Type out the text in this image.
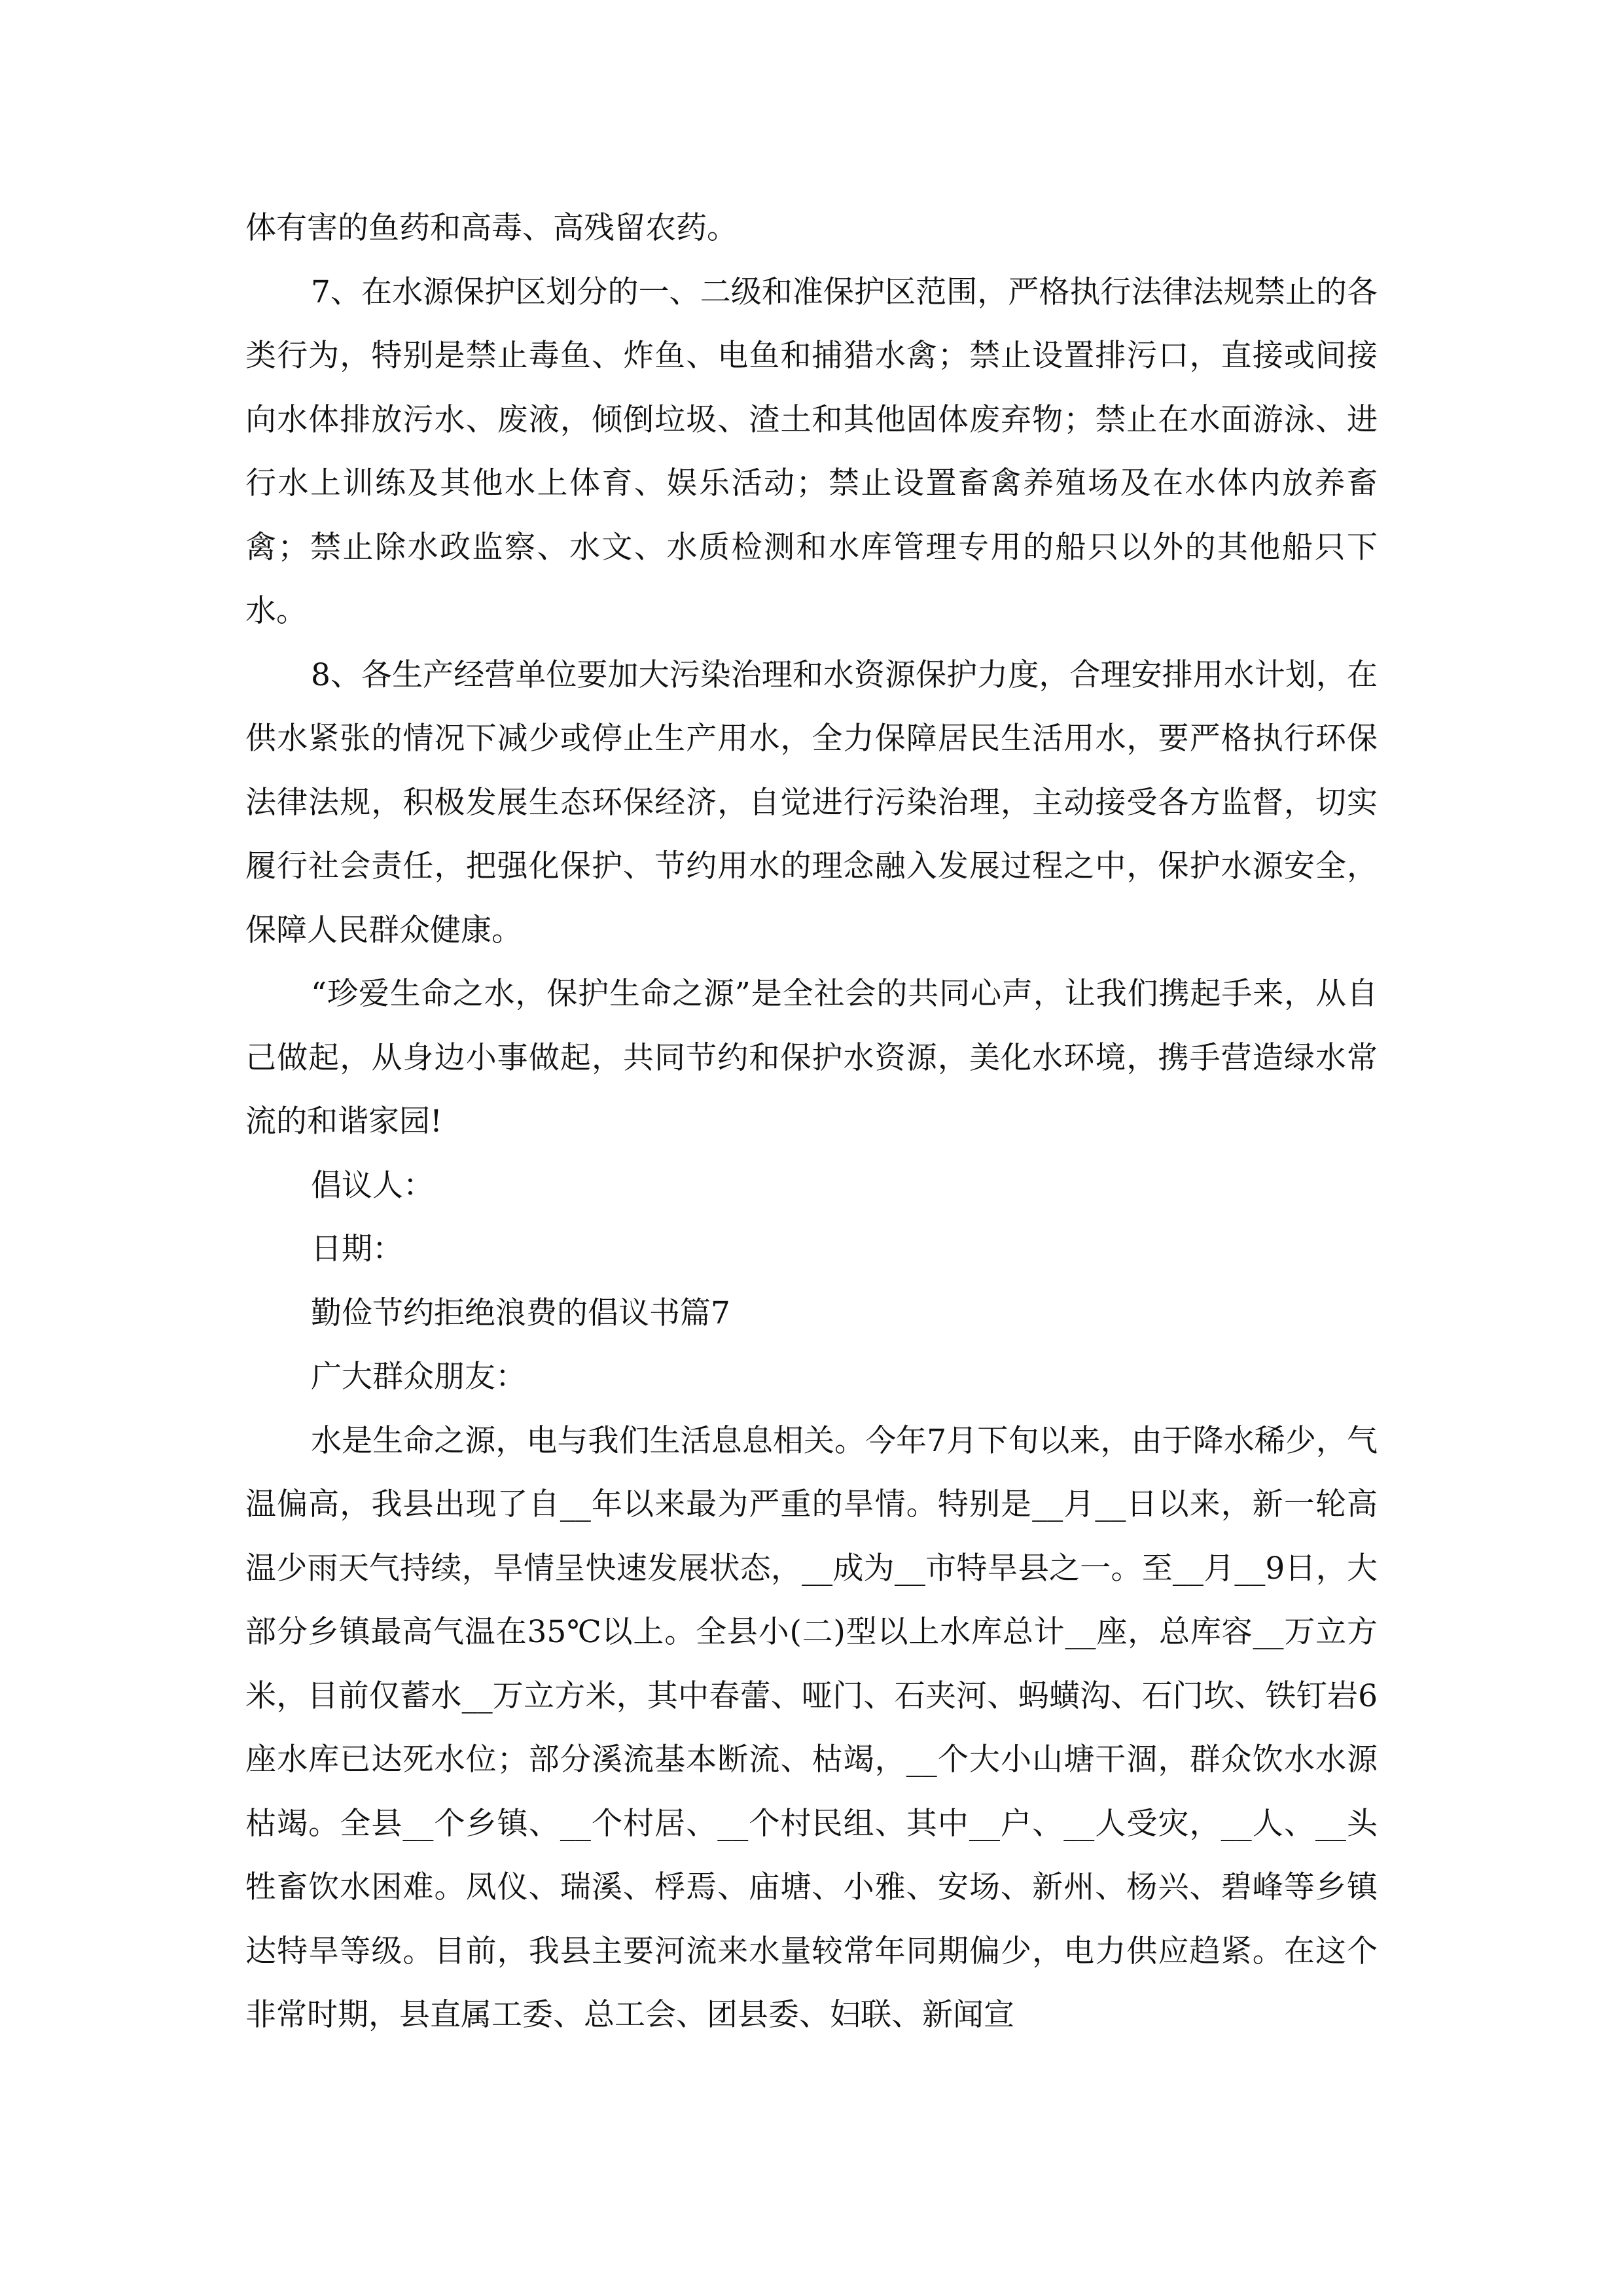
体有害的鱼药和高毒、高残留农药。

7、在水源保护区划分的一、二级和准保护区范围，严格执行法律法规禁止的各类行为，特别是禁止毒鱼、炸鱼、电鱼和捕猎水禽；禁止设置排污口，直接或间接向水体排放污水、废液，倾倒垃圾、渣土和其他固体废弃物；禁止在水面游泳、进行水上训练及其他水上体育、娱乐活动；禁止设置畜禽养殖场及在水体内放养畜禽；禁止除水政监察、水文、水质检测和水库管理专用的船只以外的其他船只下水。

8、各生产经营单位要加大污染治理和水资源保护力度，合理安排用水计划，在供水紧张的情况下减少或停止生产用水，全力保障居民生活用水，要严格执行环保法律法规，积极发展生态环保经济，自觉进行污染治理，主动接受各方监督，切实履行社会责任，把强化保护、节约用水的理念融入发展过程之中，保护水源安全，保障人民群众健康。

“珍爱生命之水，保护生命之源”是全社会的共同心声，让我们携起手来，从自己做起，从身边小事做起，共同节约和保护水资源，美化水环境，携手营造绿水常流的和谐家园!

倡议人：
日期：
勤俭节约拒绝浪费的倡议书篇7
广大群众朋友：

水是生命之源，电与我们生活息息相关。今年7月下旬以来，由于降水稀少，气温偏高，我县出现了自__年以来最为严重的旱情。特别是__月__日以来，新一轮高温少雨天气持续，旱情呈快速发展状态，__成为__市特旱县之一。至__月__9日，大部分乡镇最高气温在35℃以上。全县小(二)型以上水库总计__座，总库容__万立方米，目前仅蓄水__万立方米，其中春蕾、哑门、石夹河、蚂蟥沟、石门坎、铁钉岩6座水库已达死水位；部分溪流基本断流、枯竭，__个大小山塘干涸，群众饮水水源枯竭。全县__个乡镇、__个村居、__个村民组、其中__户、__人受灾，__人、__头牲畜饮水困难。凤仪、瑞溪、桴焉、庙塘、小雅、安场、新州、杨兴、碧峰等乡镇达特旱等级。目前，我县主要河流来水量较常年同期偏少，电力供应趋紧。在这个非常时期，县直属工委、总工会、团县委、妇联、新闻宣
